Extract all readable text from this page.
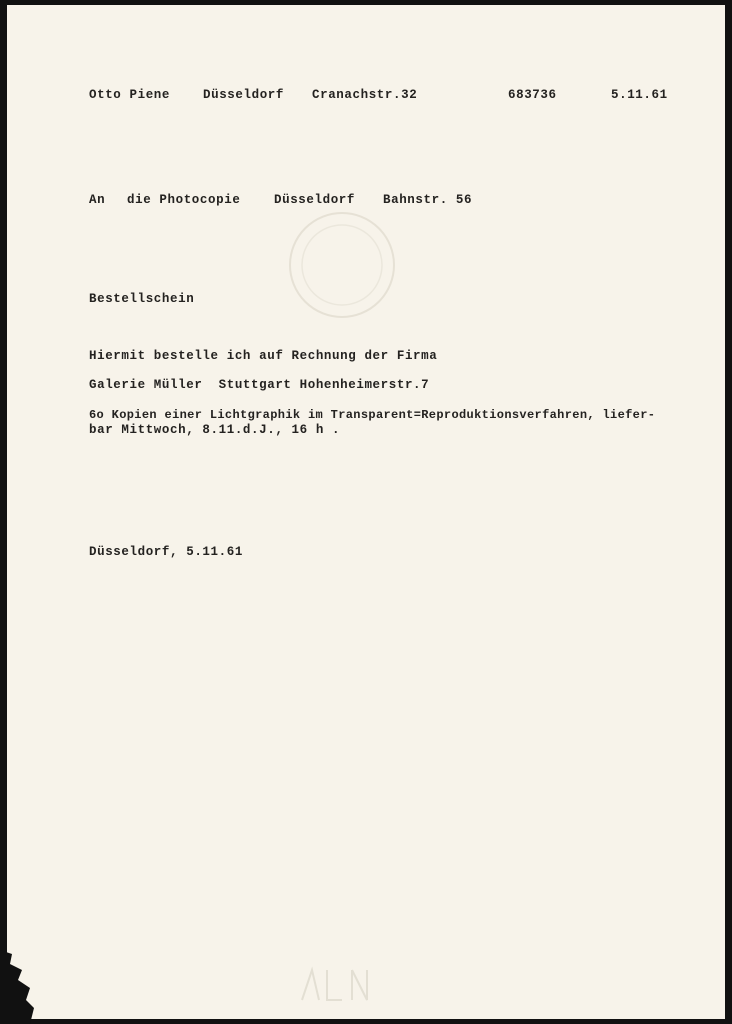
Otto Piene	Düsseldorf Cranachstr.32	683736	5.11.61
An die Photocopie	Düsseldorf Bahnstr. 56
Bestellschein
Hiermit bestelle ich auf Rechnung der Firma
Galerie Müller  Stuttgart Hohenheimerstr.7
6o Kopien einer Lichtgraphik im Transparent=Reproduktionsverfahren, liefer-
bar Mittwoch, 8.11.d.J., 16 h .
Düsseldorf, 5.11.61
